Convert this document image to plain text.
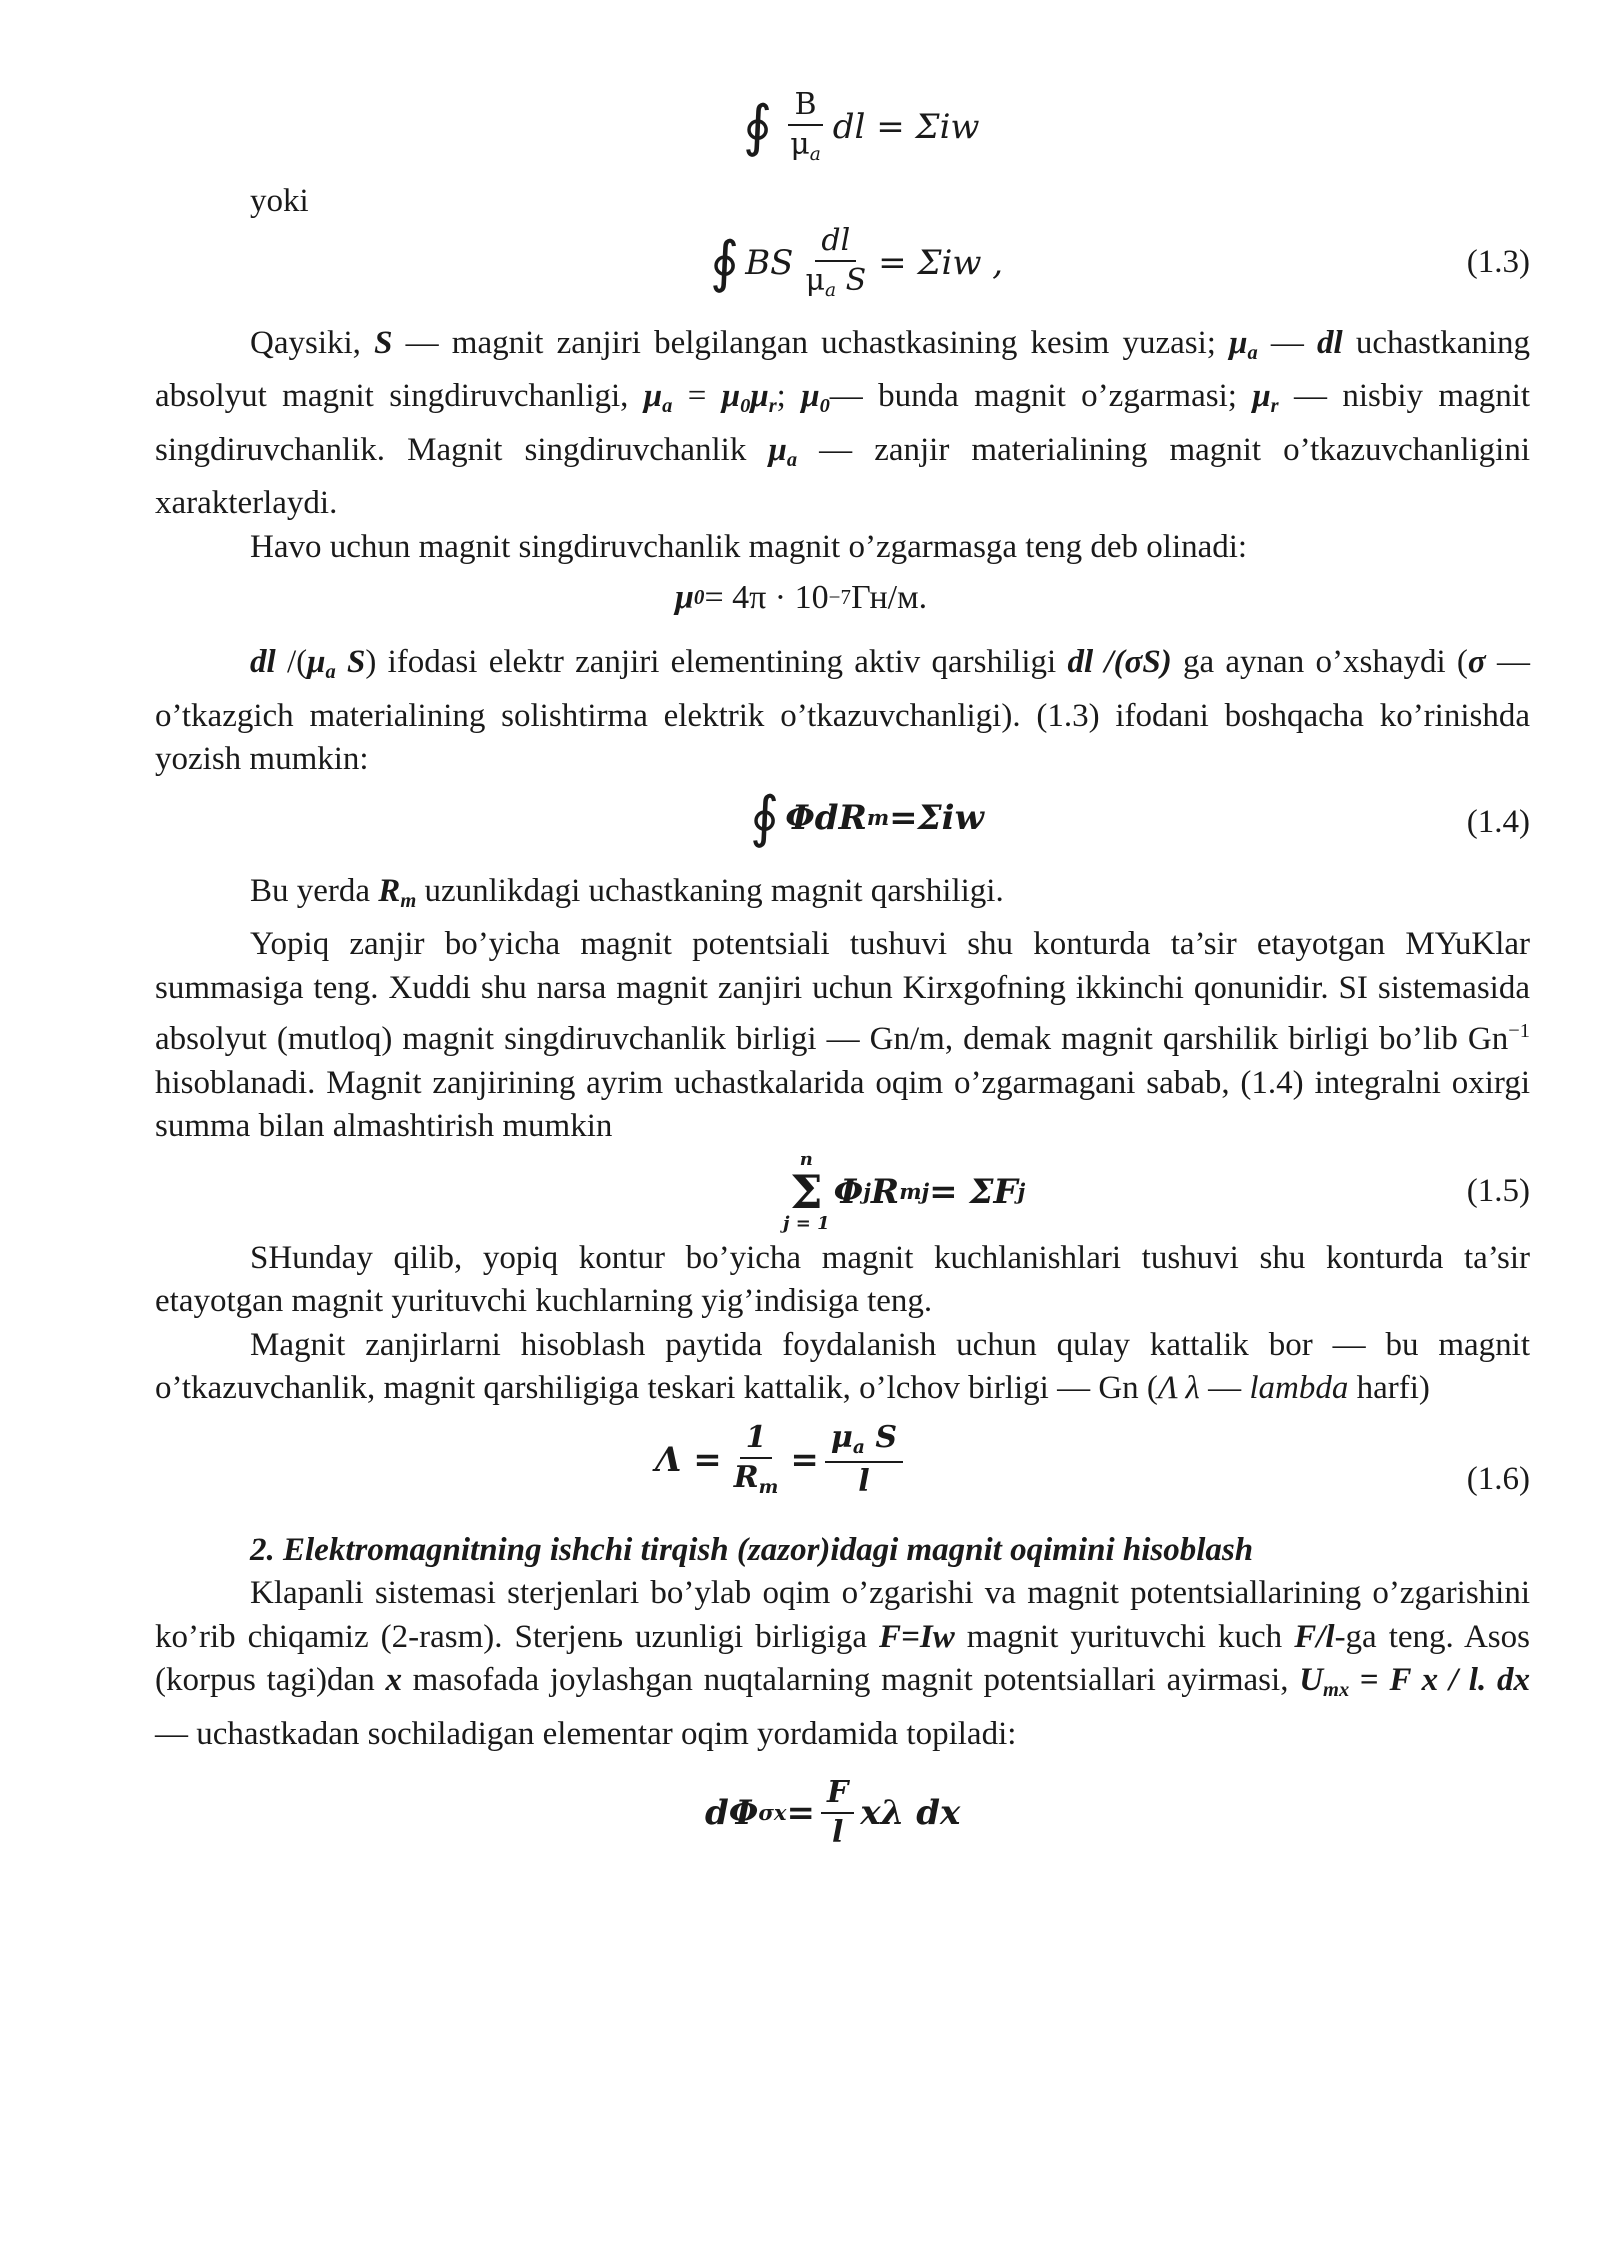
∮ $\frac{B}{\mu_a}$ dl = Σiw

yoki

∮ BS $\frac{dl}{\mu_a S} = \Sigma iw$ ,	(1.3)

Qaysiki, S — magnit zanjiri belgilangan uchastkasining kesim yuzasi; $\mu_a$ — dl uchastkaning absolyut magnit singdiruvchanligi, $\mu_a = \mu_0\mu_r$; $\mu_0—$ bunda magnit o’zgarmasi; $\mu_r$ — nisbiy magnit singdiruvchanlik. Magnit singdiruvchanlik $\mu_a$ — zanjir materialining magnit o’tkazuvchanligini xarakterlaydi.

Havo uchun magnit singdiruvchanlik magnit o’zgarmasga teng deb olinadi:

μ 0 = 4π · 10 −7 Гн/м.

dl $/(\mu_a$ S) ifodasi elektr zanjiri elementining aktiv qarshiligi dl /(σS) ga aynan o’xshaydi (σ — o’tkazgich materialining solishtirma elektrik o’tkazuvchanligi). (1.3) ifodani boshqacha ko’rinishda yozish mumkin:

∮ ΦdR m =Σiw	(1.4)

Bu yerda $R_m$ uzunlikdagi uchastkaning magnit qarshiligi.

Yopiq zanjir bo’yicha magnit potentsiali tushuvi shu konturda ta’sir etayotgan MYuKlar summasiga teng. Xuddi shu narsa magnit zanjiri uchun Kirxgofning ikkinchi qonunidir. SI sistemasida absolyut (mutloq) magnit singdiruvchanlik birligi — Gn/m, demak magnit qarshilik birligi bo’lib $Gn^{-1}$ hisoblanadi. Magnit zanjirining ayrim uchastkalarida oqim o’zgarmagani sabab, (1.4) integralni oxirgi summa bilan almashtirish mumkin

n
Σ
j = 1
Φ j R mj = ΣF j	(1.5)

SHunday qilib, yopiq kontur bo’yicha magnit kuchlanishlari tushuvi shu konturda ta’sir etayotgan magnit yurituvchi kuchlarning yig’indisiga teng.

Magnit zanjirlarni hisoblash paytida foydalanish uchun qulay kattalik bor — bu magnit o’tkazuvchanlik, magnit qarshiligiga teskari kattalik, o’lchov birligi — Gn (Λ λ — lambda harfi)

$\Lambda = \frac{1}{R_m} = \frac{\mu_a S}{l}$	(1.6)

2. Elektromagnitning ishchi tirqish (zazor)idagi magnit oqimini hisoblash

Klapanli sistemasi sterjenlari bo’ylab oqim o’zgarishi va magnit potentsiallarining o’zgarishini ko’rib chiqamiz (2-rasm). Sterjenь uzunligi birligiga F=Iw magnit yurituvchi kuch F/l-ga teng. Asos (korpus tagi)dan x masofada joylashgan nuqtalarning magnit potentsiallari ayirmasi, $U_{mx} = F$ x / l. dx — uchastkadan sochiladigan elementar oqim yordamida topiladi:

dΦ $\sigma x = \frac{F}{l}$ xλ dx
